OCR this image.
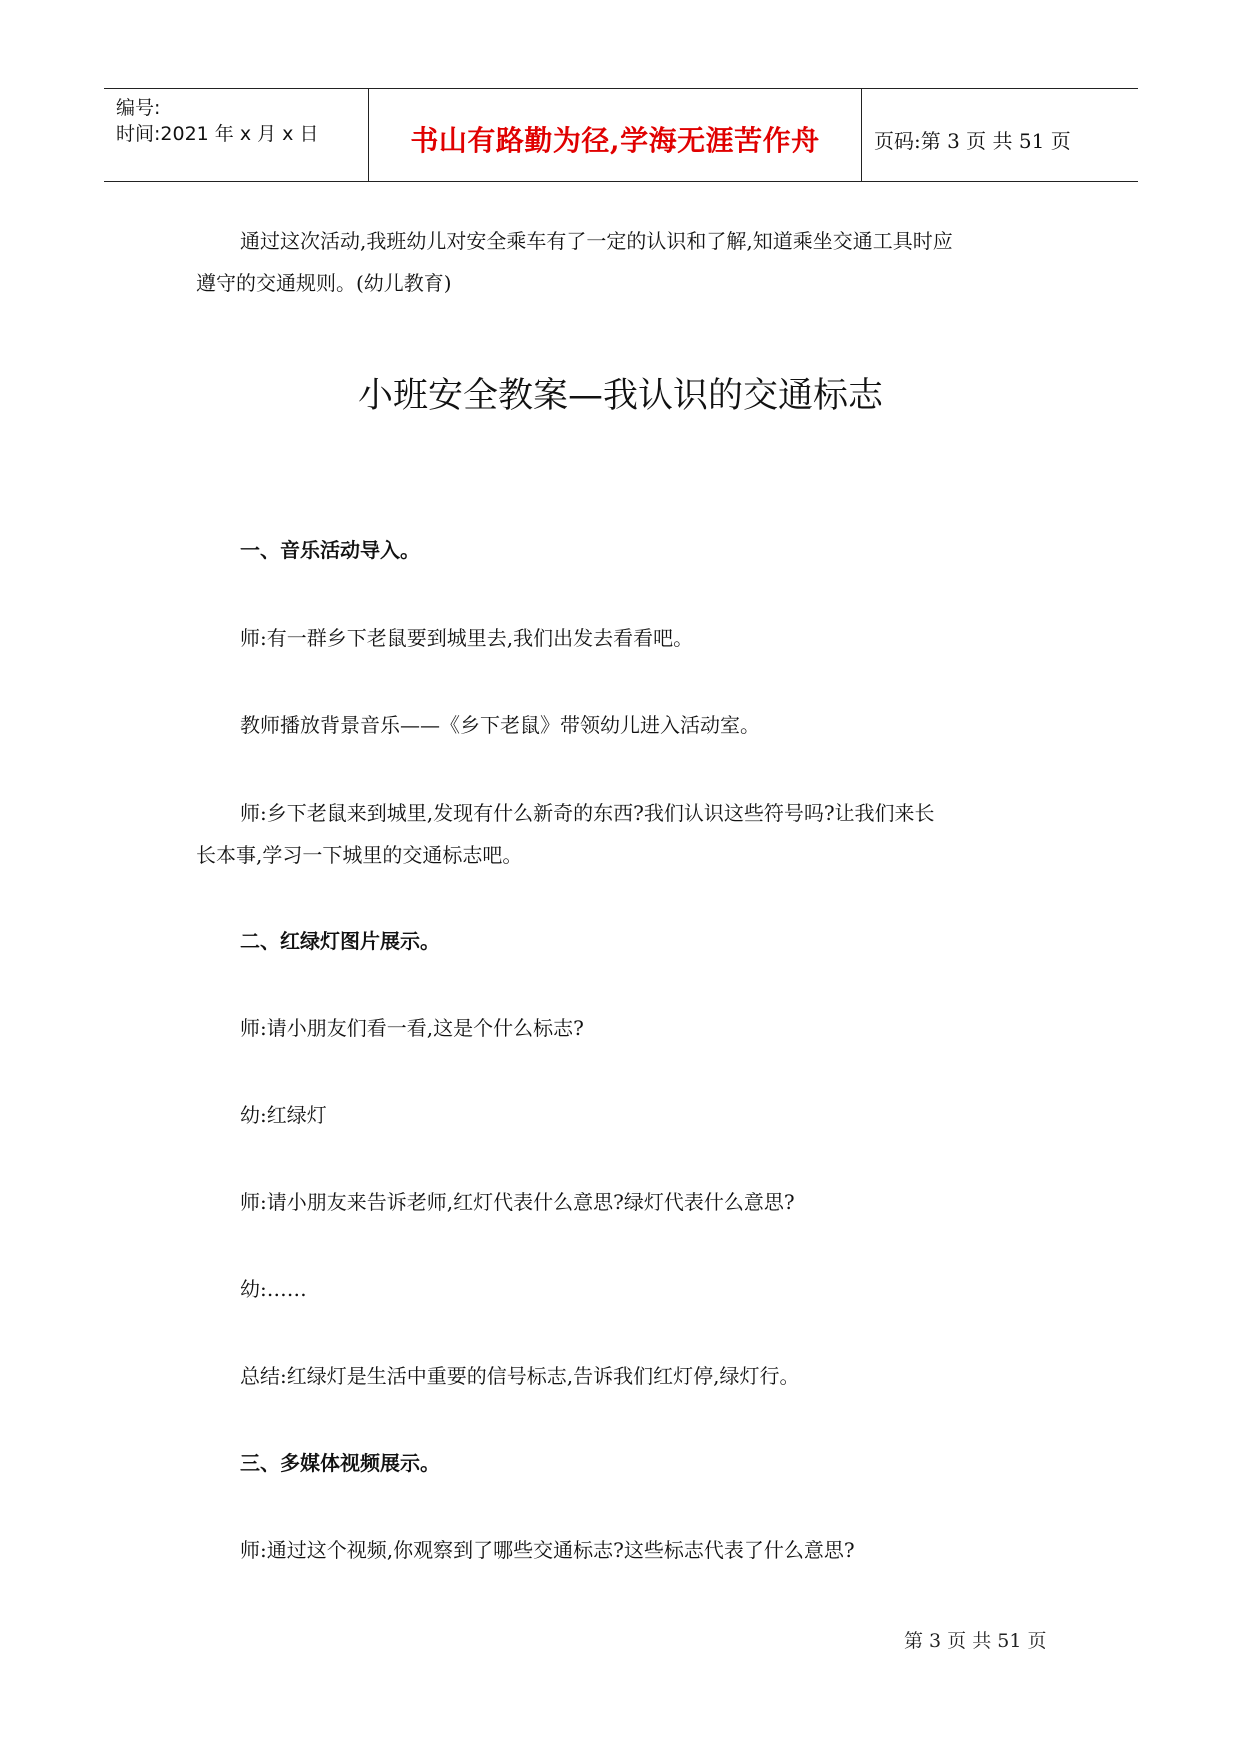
编号:
时间:2021 年 x 月 x 日	书山有路勤为径,学海无涯苦作舟	页码:第 3 页 共 51 页
通过这次活动,我班幼儿对安全乘车有了一定的认识和了解,知道乘坐交通工具时应
遵守的交通规则。(幼儿教育)
小班安全教案—我认识的交通标志
一、音乐活动导入。
师:有一群乡下老鼠要到城里去,我们出发去看看吧。
教师播放背景音乐——《乡下老鼠》带领幼儿进入活动室。
师:乡下老鼠来到城里,发现有什么新奇的东西?我们认识这些符号吗?让我们来长
长本事,学习一下城里的交通标志吧。
二、红绿灯图片展示。
师:请小朋友们看一看,这是个什么标志?
幼:红绿灯
师:请小朋友来告诉老师,红灯代表什么意思?绿灯代表什么意思?
幼:……
总结:红绿灯是生活中重要的信号标志,告诉我们红灯停,绿灯行。
三、多媒体视频展示。
师:通过这个视频,你观察到了哪些交通标志?这些标志代表了什么意思?
第 3 页 共 51 页
